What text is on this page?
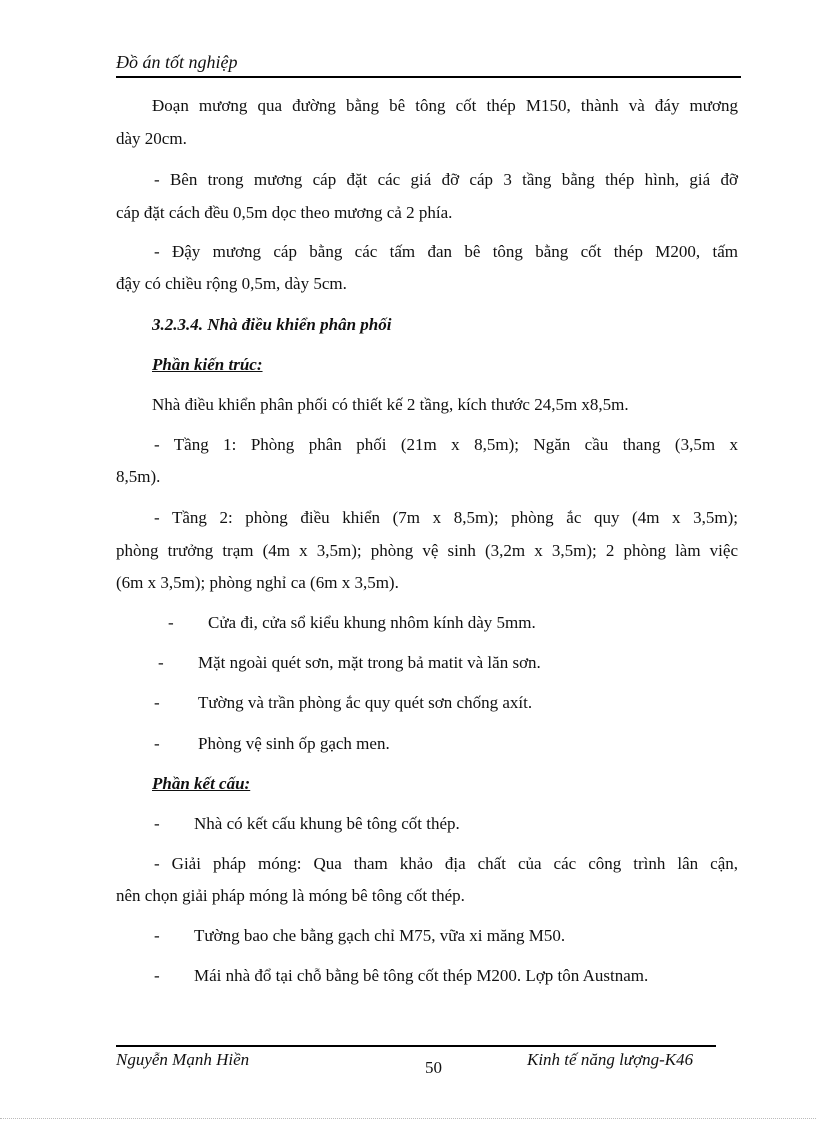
Đồ án tốt nghiệp
Đoạn mương qua đường bằng bê tông cốt thép M150, thành và đáy mương
dày 20cm.
- Bên trong mương cáp đặt các giá đỡ cáp 3 tầng bằng thép hình, giá đỡ
cáp đặt cách đều 0,5m dọc theo mương cả 2 phía.
- Đậy mương cáp bằng các tấm đan bê tông bằng cốt thép M200, tấm
đậy có chiều rộng 0,5m, dày 5cm.
3.2.3.4. Nhà điều khiển phân phối
Phần kiến trúc:
Nhà điều khiển phân phối có thiết kế 2 tầng, kích thước 24,5m x8,5m.
- Tầng 1: Phòng phân phối (21m x 8,5m); Ngăn cầu thang (3,5m x
8,5m).
- Tầng 2: phòng điều khiển (7m x 8,5m); phòng ắc quy (4m x 3,5m);
phòng trưởng trạm (4m x 3,5m); phòng vệ sinh (3,2m x 3,5m); 2 phòng làm việc
(6m x 3,5m); phòng nghỉ ca (6m x 3,5m).
- Cửa đi, cửa sổ kiểu khung nhôm kính dày 5mm.
- Mặt ngoài quét sơn, mặt trong bả matit và lăn sơn.
- Tường và trần phòng ắc quy quét sơn chống axít.
- Phòng vệ sinh ốp gạch men.
Phần kết cấu:
- Nhà có kết cấu khung bê tông cốt thép.
- Giải pháp móng: Qua tham khảo địa chất của các công trình lân cận,
nên chọn giải pháp móng là móng bê tông cốt thép.
- Tường bao che bằng gạch chỉ M75, vữa xi măng M50.
- Mái nhà đổ tại chỗ bằng bê tông cốt thép M200. Lợp tôn Austnam.
Nguyễn Mạnh Hiền	50	Kinh tế năng lượng-K46
